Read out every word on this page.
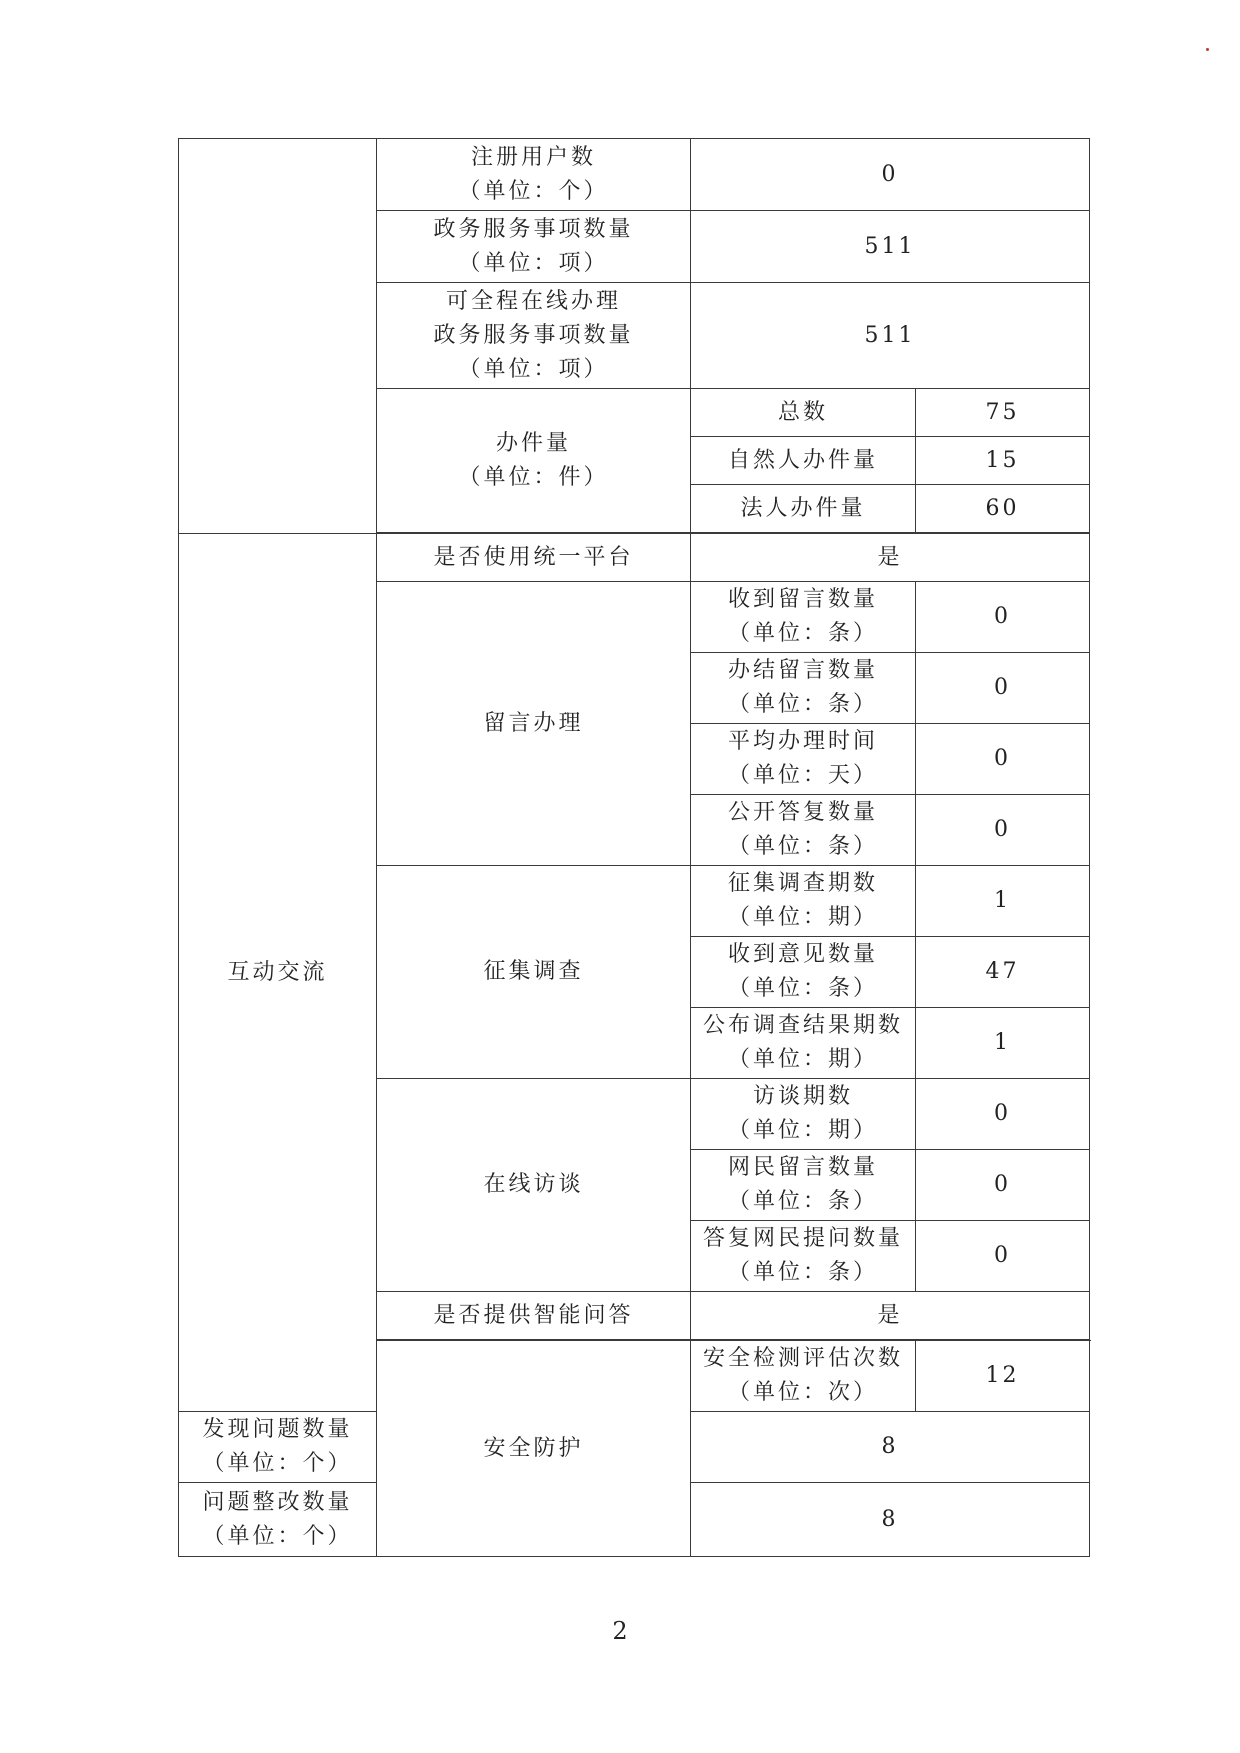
	注册用户数
（单位：个）	0	

	政务服务事项数量
（单位：项）	511	

	可全程在线办理
政务服务事项数量
（单位：项）	511	

	办件量
（单位：件）	总数	75
		自然人办件量	15
		法人办件量	60

互动交流	是否使用统一平台	是	
	留言办理	收到留言数量
（单位：条）	0

		办结留言数量
（单位：条）	0

		平均办理时间
（单位：天）	0

		公开答复数量
（单位：条）	0
	征集调查	征集调查期数
（单位：期）	1

		收到意见数量
（单位：条）	47

		公布调查结果期数
（单位：期）	1
	在线访谈	访谈期数
（单位：期）	0

		网民留言数量
（单位：条）	0

		答复网民提问数量
（单位：条）	0
	是否提供智能问答	是	

	安全防护	安全检测评估次数
（单位：次）	12

发现问题数量
（单位：个）		8	

问题整改数量
（单位：个）		8	
2
